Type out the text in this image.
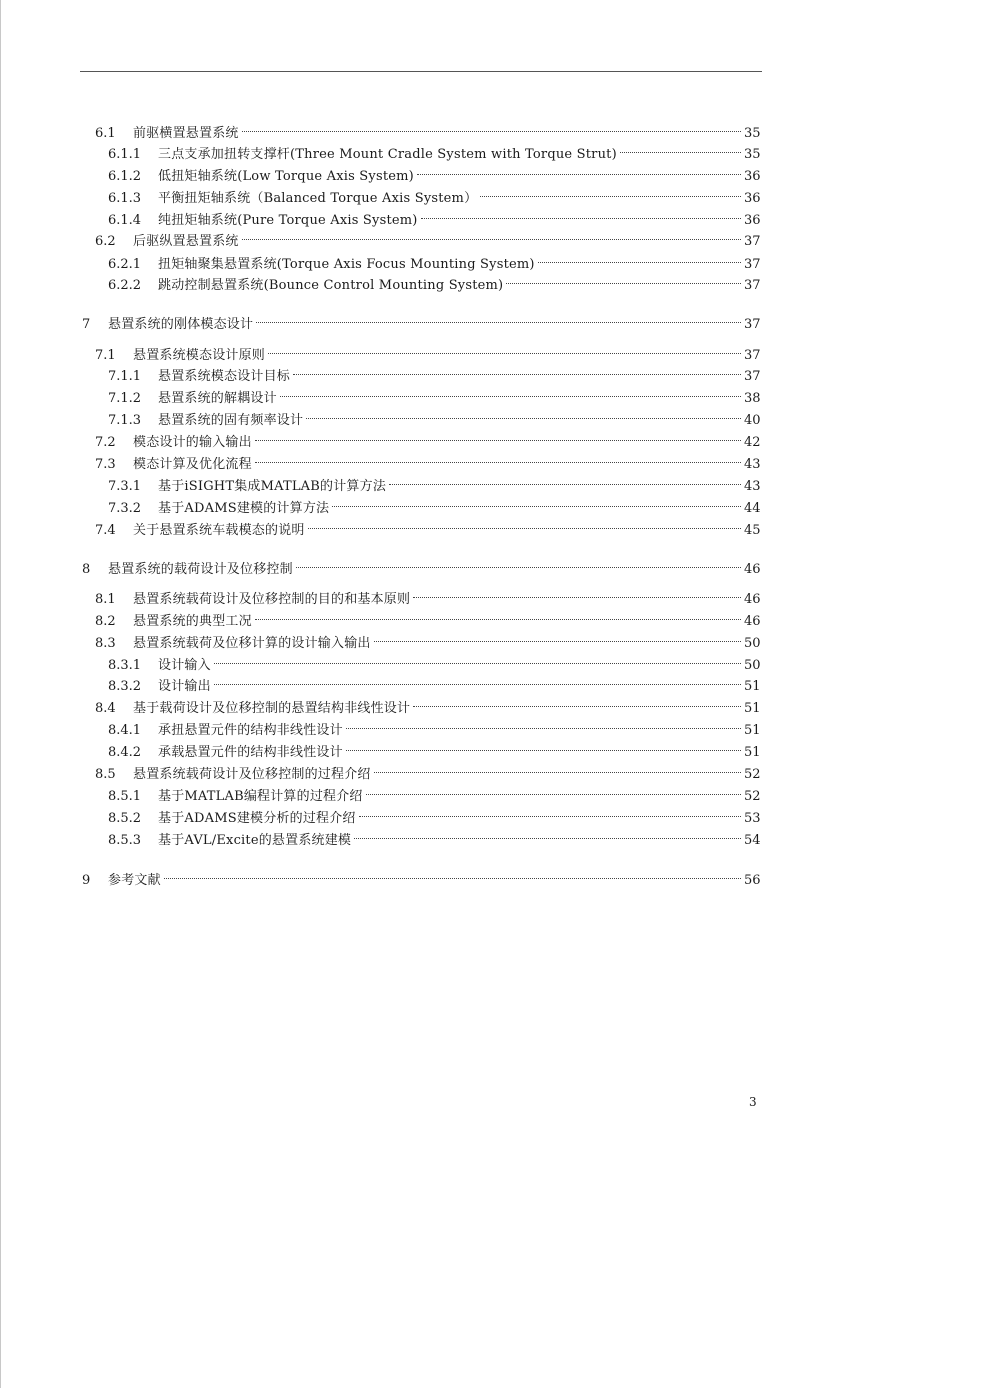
6.1	前驱横置悬置系统	35
6.1.1	三点支承加扭转支撑杆(Three Mount Cradle System with Torque Strut)	35
6.1.2	低扭矩轴系统(Low Torque Axis System)	36
6.1.3	平衡扭矩轴系统（Balanced Torque Axis System）	36
6.1.4	纯扭矩轴系统(Pure Torque Axis System)	36
6.2	后驱纵置悬置系统	37
6.2.1	扭矩轴聚集悬置系统(Torque Axis Focus Mounting System)	37
6.2.2	跳动控制悬置系统(Bounce Control Mounting System)	37
7	悬置系统的刚体模态设计	37
7.1	悬置系统模态设计原则	37
7.1.1	悬置系统模态设计目标	37
7.1.2	悬置系统的解耦设计	38
7.1.3	悬置系统的固有频率设计	40
7.2	模态设计的输入输出	42
7.3	模态计算及优化流程	43
7.3.1	基于iSIGHT集成MATLAB的计算方法	43
7.3.2	基于ADAMS建模的计算方法	44
7.4	关于悬置系统车载模态的说明	45
8	悬置系统的载荷设计及位移控制	46
8.1	悬置系统载荷设计及位移控制的目的和基本原则	46
8.2	悬置系统的典型工况	46
8.3	悬置系统载荷及位移计算的设计输入输出	50
8.3.1	设计输入	50
8.3.2	设计输出	51
8.4	基于载荷设计及位移控制的悬置结构非线性设计	51
8.4.1	承扭悬置元件的结构非线性设计	51
8.4.2	承载悬置元件的结构非线性设计	51
8.5	悬置系统载荷设计及位移控制的过程介绍	52
8.5.1	基于MATLAB编程计算的过程介绍	52
8.5.2	基于ADAMS建模分析的过程介绍	53
8.5.3	基于AVL/Excite的悬置系统建模	54
9	参考文献	56
3
